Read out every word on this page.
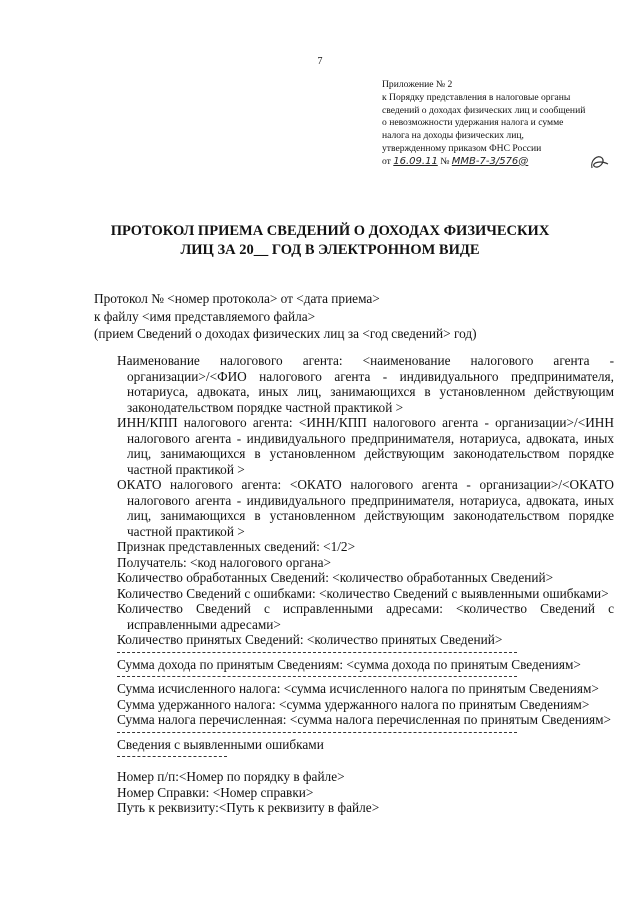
7
Приложение № 2
к Порядку представления в налоговые органы
сведений о доходах физических лиц и сообщений
о невозможности удержания налога и сумме
налога на доходы физических лиц,
утвержденному приказом ФНС России
от 16.09.11 № ММВ-7-3/576@
ПРОТОКОЛ ПРИЕМА СВЕДЕНИЙ О ДОХОДАХ ФИЗИЧЕСКИХ
ЛИЦ ЗА 20__ ГОД В ЭЛЕКТРОННОМ ВИДЕ
Протокол № <номер протокола> от <дата приема>
к файлу <имя представляемого файла>
(прием Сведений о доходах физических лиц за <год сведений> год)
Наименование налогового агента: <наименование налогового агента - организации>/<ФИО налогового агента - индивидуального предпринимателя, нотариуса, адвоката, иных лиц, занимающихся в установленном действующим законодательством порядке частной практикой >
ИНН/КПП налогового агента: <ИНН/КПП налогового агента - организации>/<ИНН налогового агента - индивидуального предпринимателя, нотариуса, адвоката, иных лиц, занимающихся в установленном действующим законодательством порядке частной практикой >
ОКАТО налогового агента: <ОКАТО налогового агента - организации>/<ОКАТО налогового агента - индивидуального предпринимателя, нотариуса, адвоката, иных лиц, занимающихся в установленном действующим законодательством порядке частной практикой >
Признак представленных сведений: <1/2>
Получатель: <код налогового органа>
Количество обработанных Сведений: <количество обработанных Сведений>
Количество Сведений с ошибками: <количество Сведений с выявленными ошибками>
Количество Сведений с исправленными адресами: <количество Сведений с исправленными адресами>
Количество принятых Сведений: <количество принятых Сведений>
Сумма дохода по принятым Сведениям: <сумма дохода по принятым Сведениям>
Сумма исчисленного налога: <сумма исчисленного налога по принятым Сведениям>
Сумма удержанного налога: <сумма удержанного налога по принятым Сведениям>
Сумма налога перечисленная: <сумма налога перечисленная по принятым Сведениям>
Сведения с выявленными ошибками
Номер п/п:<Номер по порядку в файле>
Номер Справки: <Номер справки>
Путь к реквизиту:<Путь к реквизиту в файле>
